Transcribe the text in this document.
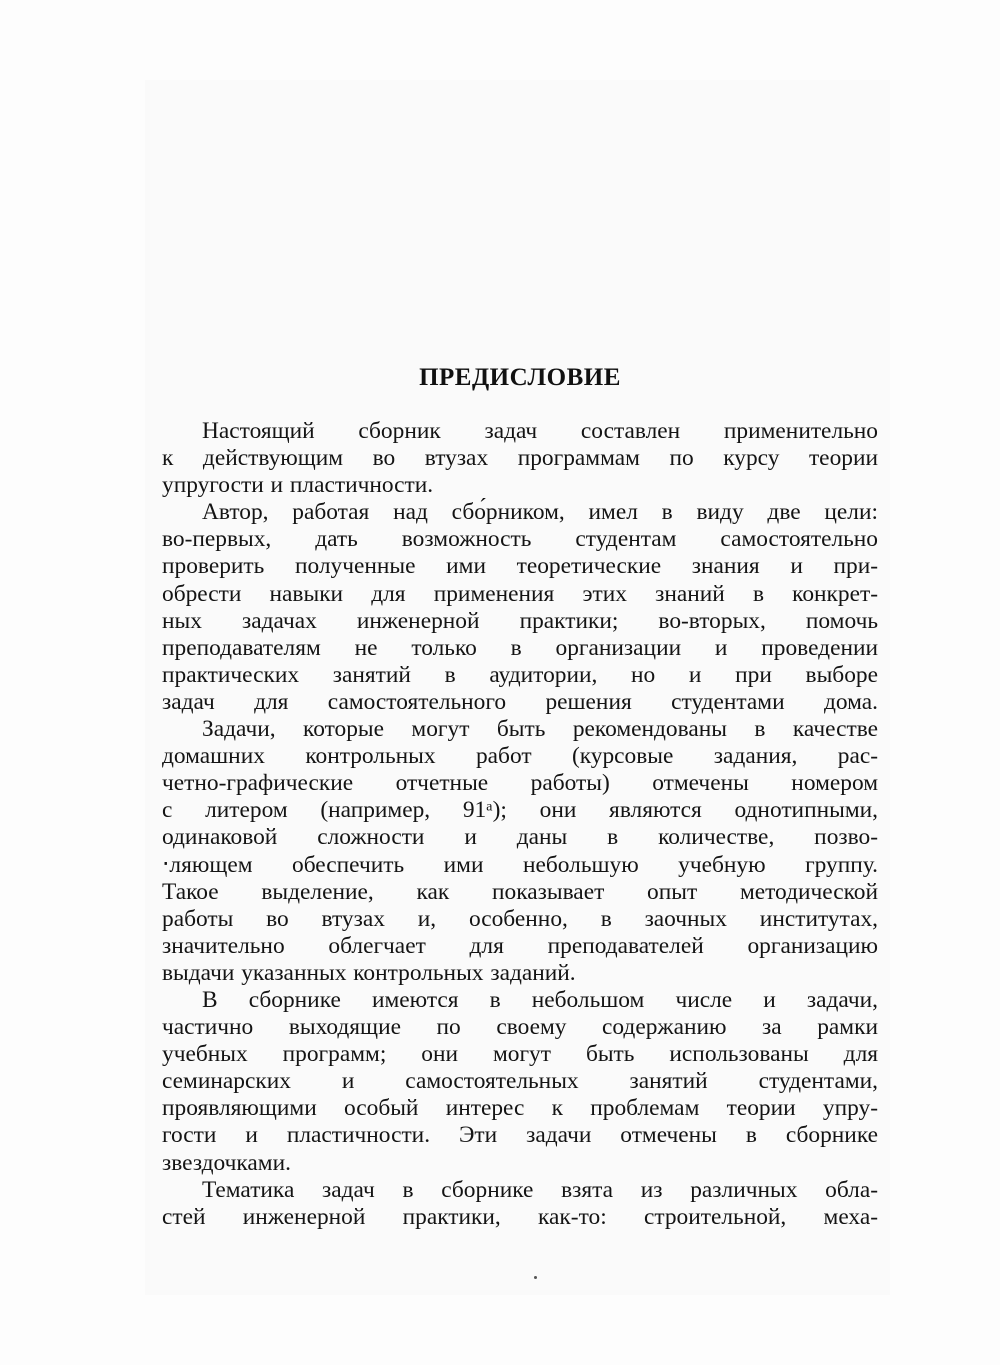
ПРЕДИСЛОВИЕ

Настоящий сборник задач составлен применительно
к действующим во втузах программам по курсу теории
упругости и пластичности.

Автор, работая над сбо́рником, имел в виду две цели:
во-первых, дать возможность студентам самостоятельно
проверить полученные ими теоретические знания и при-
обрести навыки для применения этих знаний в конкрет-
ных задачах инженерной практики; во-вторых, помочь
преподавателям не только в организации и проведении
практических занятий в аудитории, но и при выборе
задач для самостоятельного решения студентами дома.

Задачи, которые могут быть рекомендованы в качестве
домашних контрольных работ (курсовые задания, рас-
четно-графические отчетные работы) отмечены номером
с литером (например, 91ᵃ); они являются однотипными,
одинаковой сложности и даны в количестве, позво-
‧ляющем обеспечить ими небольшую учебную группу.
Такое выделение, как показывает опыт методической
работы во втузах и, особенно, в заочных институтах,
значительно облегчает для преподавателей организацию
выдачи указанных контрольных заданий.

В сборнике имеются в небольшом числе и задачи,
частично выходящие по своему содержанию за рамки
учебных программ; они могут быть использованы для
семинарских и самостоятельных занятий студентами,
проявляющими особый интерес к проблемам теории упру-
гости и пластичности. Эти задачи отмечены в сборнике
звездочками.

Тематика задач в сборнике взята из различных обла-
стей инженерной практики, как-то: строительной, меха-
